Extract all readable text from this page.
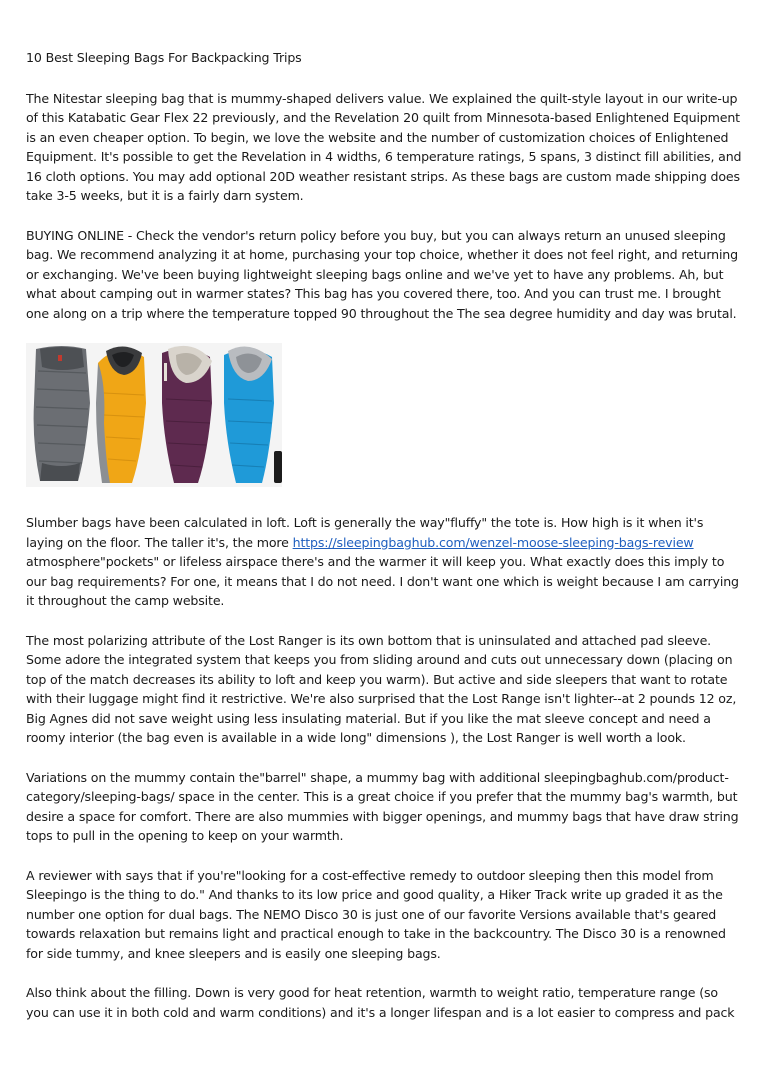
10 Best Sleeping Bags For Backpacking Trips

The Nitestar sleeping bag that is mummy-shaped delivers value. We explained the quilt-style layout in our write-up of this Katabatic Gear Flex 22 previously, and the Revelation 20 quilt from Minnesota-based Enlightened Equipment is an even cheaper option. To begin, we love the website and the number of customization choices of Enlightened Equipment. It's possible to get the Revelation in 4 widths, 6 temperature ratings, 5 spans, 3 distinct fill abilities, and 16 cloth options. You may add optional 20D weather resistant strips. As these bags are custom made shipping does take 3-5 weeks, but it is a fairly darn system.

BUYING ONLINE - Check the vendor's return policy before you buy, but you can always return an unused sleeping bag. We recommend analyzing it at home, purchasing your top choice, whether it does not feel right, and returning or exchanging. We've been buying lightweight sleeping bags online and we've yet to have any problems. Ah, but what about camping out in warmer states? This bag has you covered there, too. And you can trust me. I brought one along on a trip where the temperature topped 90 throughout the The sea degree humidity and day was brutal.

Slumber bags have been calculated in loft. Loft is generally the way"fluffy" the tote is. How high is it when it's laying on the floor. The taller it's, the more https://sleepingbaghub.com/wenzel-moose-sleeping-bags-review atmosphere"pockets" or lifeless airspace there's and the warmer it will keep you. What exactly does this imply to our bag requirements? For one, it means that I do not need. I don't want one which is weight because I am carrying it throughout the camp website.

The most polarizing attribute of the Lost Ranger is its own bottom that is uninsulated and attached pad sleeve. Some adore the integrated system that keeps you from sliding around and cuts out unnecessary down (placing on top of the match decreases its ability to loft and keep you warm). But active and side sleepers that want to rotate with their luggage might find it restrictive. We're also surprised that the Lost Range isn't lighter--at 2 pounds 12 oz, Big Agnes did not save weight using less insulating material. But if you like the mat sleeve concept and need a roomy interior (the bag even is available in a wide long" dimensions ), the Lost Ranger is well worth a look.

Variations on the mummy contain the"barrel" shape, a mummy bag with additional sleepingbaghub.com/product-category/sleeping-bags/ space in the center. This is a great choice if you prefer that the mummy bag's warmth, but desire a space for comfort. There are also mummies with bigger openings, and mummy bags that have draw string tops to pull in the opening to keep on your warmth.

A reviewer with says that if you're"looking for a cost-effective remedy to outdoor sleeping then this model from Sleepingo is the thing to do." And thanks to its low price and good quality, a Hiker Track write up graded it as the number one option for dual bags. The NEMO Disco 30 is just one of our favorite Versions available that's geared towards relaxation but remains light and practical enough to take in the backcountry. The Disco 30 is a renowned for side tummy, and knee sleepers and is easily one sleeping bags.

Also think about the filling. Down is very good for heat retention, warmth to weight ratio, temperature range (so you can use it in both cold and warm conditions) and it's a longer lifespan and is a lot easier to compress and pack
